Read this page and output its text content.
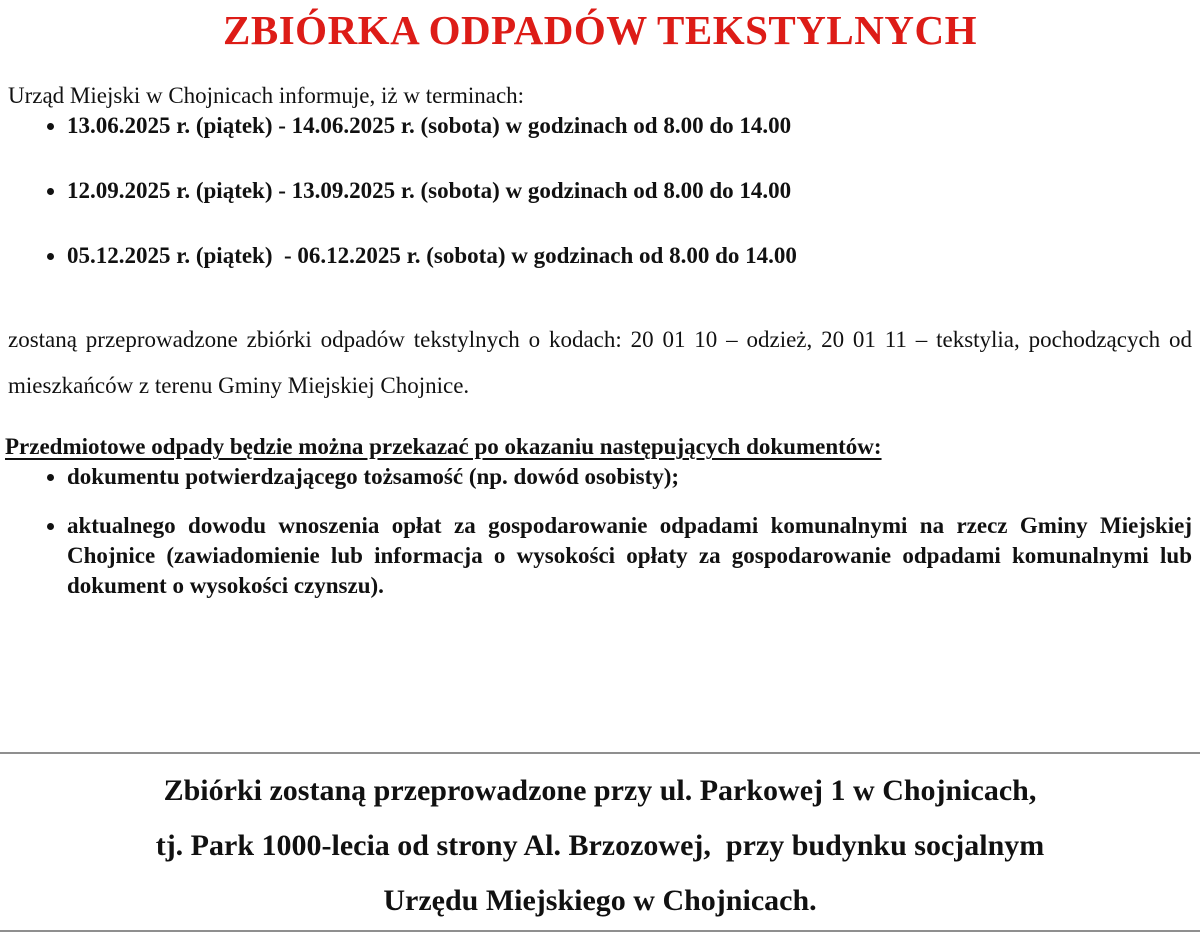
ZBIÓRKA ODPADÓW TEKSTYLNYCH

Urząd Miejski w Chojnicach informuje, iż w terminach:

• 13.06.2025 r. (piątek) - 14.06.2025 r. (sobota) w godzinach od 8.00 do 14.00
• 12.09.2025 r. (piątek) - 13.09.2025 r. (sobota) w godzinach od 8.00 do 14.00
• 05.12.2025 r. (piątek)  - 06.12.2025 r. (sobota) w godzinach od 8.00 do 14.00

zostaną przeprowadzone zbiórki odpadów tekstylnych o kodach: 20 01 10 – odzież, 20 01 11 – tekstylia, pochodzących od mieszkańców z terenu Gminy Miejskiej Chojnice.

Przedmiotowe odpady będzie można przekazać po okazaniu następujących dokumentów:

• dokumentu potwierdzającego tożsamość (np. dowód osobisty);
• aktualnego dowodu wnoszenia opłat za gospodarowanie odpadami komunalnymi na rzecz Gminy Miejskiej Chojnice (zawiadomienie lub informacja o wysokości opłaty za gospodarowanie odpadami komunalnymi lub dokument o wysokości czynszu).

Zbiórki zostaną przeprowadzone przy ul. Parkowej 1 w Chojnicach,

tj. Park 1000-lecia od strony Al. Brzozowej,  przy budynku socjalnym

Urzędu Miejskiego w Chojnicach.
